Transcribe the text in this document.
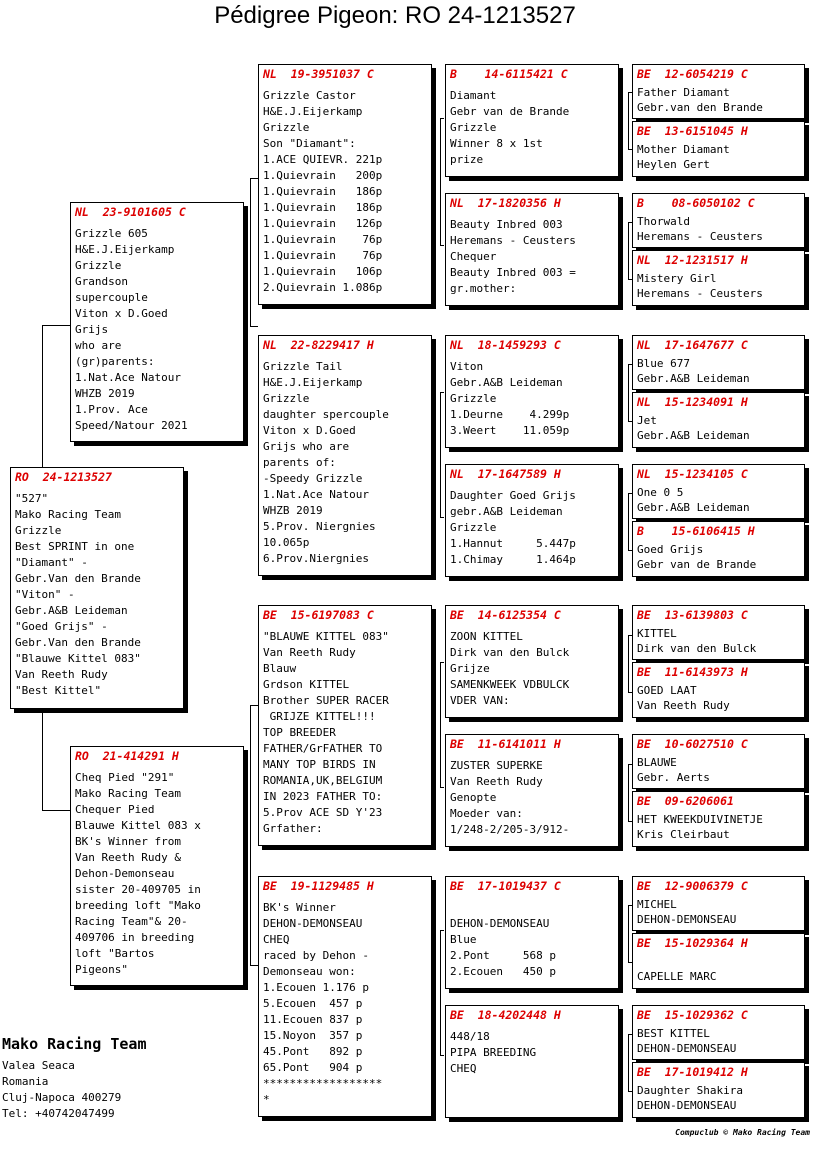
Pédigree Pigeon: RO 24-1213527
RO  24-1213527
"527"
Mako Racing Team
Grizzle
Best SPRINT in one
"Diamant" -
Gebr.Van den Brande
"Viton" -
Gebr.A&B Leideman
"Goed Grijs" -
Gebr.Van den Brande
"Blauwe Kittel 083"
Van Reeth Rudy
"Best Kittel"
NL  23-9101605 C
Grizzle 605
H&E.J.Eijerkamp
Grizzle
Grandson
supercouple
Viton x D.Goed
Grijs
who are
(gr)parents:
1.Nat.Ace Natour
WHZB 2019
1.Prov. Ace
Speed/Natour 2021
RO  21-414291 H
Cheq Pied "291"
Mako Racing Team
Chequer Pied
Blauwe Kittel 083 x
BK's Winner from
Van Reeth Rudy &
Dehon-Demonseau
sister 20-409705 in
breeding loft "Mako
Racing Team"& 20-
409706 in breeding
loft "Bartos
Pigeons"
NL  19-3951037 C
Grizzle Castor
H&E.J.Eijerkamp
Grizzle
Son "Diamant":
1.ACE QUIEVR. 221p
1.Quievrain   200p
1.Quievrain   186p
1.Quievrain   186p
1.Quievrain   126p
1.Quievrain    76p
1.Quievrain    76p
1.Quievrain   106p
2.Quievrain 1.086p
NL  22-8229417 H
Grizzle Tail
H&E.J.Eijerkamp
Grizzle
daughter spercouple
Viton x D.Goed
Grijs who are
parents of:
-Speedy Grizzle
1.Nat.Ace Natour
WHZB 2019
5.Prov. Niergnies
10.065p
6.Prov.Niergnies
BE  15-6197083 C
"BLAUWE KITTEL 083"
Van Reeth Rudy
Blauw
Grdson KITTEL
Brother SUPER RACER
GRIJZE KITTEL!!!
TOP BREEDER
FATHER/GrFATHER TO
MANY TOP BIRDS IN
ROMANIA,UK,BELGIUM
IN 2023 FATHER TO:
5.Prov ACE SD Y'23
Grfather:
BE  19-1129485 H
BK's Winner
DEHON-DEMONSEAU
CHEQ
raced by Dehon -
Demonseau won:
1.Ecouen 1.176 p
5.Ecouen  457 p
11.Ecouen 837 p
15.Noyon  357 p
45.Pont   892 p
65.Pont   904 p
******************
*
B    14-6115421 C
Diamant
Gebr van de Brande
Grizzle
Winner 8 x 1st
prize
NL  17-1820356 H
Beauty Inbred 003
Heremans - Ceusters
Chequer
Beauty Inbred 003 =
gr.mother:
NL  18-1459293 C
Viton
Gebr.A&B Leideman
Grizzle
1.Deurne    4.299p
3.Weert    11.059p
NL  17-1647589 H
Daughter Goed Grijs
gebr.A&B Leideman
Grizzle
1.Hannut     5.447p
1.Chimay     1.464p
BE  14-6125354 C
ZOON KITTEL
Dirk van den Bulck
Grijze
SAMENKWEEK VDBULCK
VDER VAN:
BE  11-6141011 H
ZUSTER SUPERKE
Van Reeth Rudy
Genopte
Moeder van:
1/248-2/205-3/912-
BE  17-1019437 C

DEHON-DEMONSEAU
Blue
2.Pont     568 p
2.Ecouen   450 p
BE  18-4202448 H
448/18
PIPA BREEDING
CHEQ
BE  12-6054219 C
Father Diamant
Gebr.van den Brande
BE  13-6151045 H
Mother Diamant
Heylen Gert
B    08-6050102 C
Thorwald
Heremans - Ceusters
NL  12-1231517 H
Mistery Girl
Heremans - Ceusters
NL  17-1647677 C
Blue 677
Gebr.A&B Leideman
NL  15-1234091 H
Jet
Gebr.A&B Leideman
NL  15-1234105 C
One 0 5
Gebr.A&B Leideman
B    15-6106415 H
Goed Grijs
Gebr van de Brande
BE  13-6139803 C
KITTEL
Dirk van den Bulck
BE  11-6143973 H
GOED LAAT
Van Reeth Rudy
BE  10-6027510 C
BLAUWE
Gebr. Aerts
BE  09-6206061
HET KWEEKDUIVINETJE
Kris Cleirbaut
BE  12-9006379 C
MICHEL
DEHON-DEMONSEAU
BE  15-1029364 H

CAPELLE MARC
BE  15-1029362 C
BEST KITTEL
DEHON-DEMONSEAU
BE  17-1019412 H
Daughter Shakira
DEHON-DEMONSEAU
Mako Racing Team
Valea Seaca
Romania
Cluj-Napoca 400279
Tel: +40742047499
Compuclub © Mako Racing Team
